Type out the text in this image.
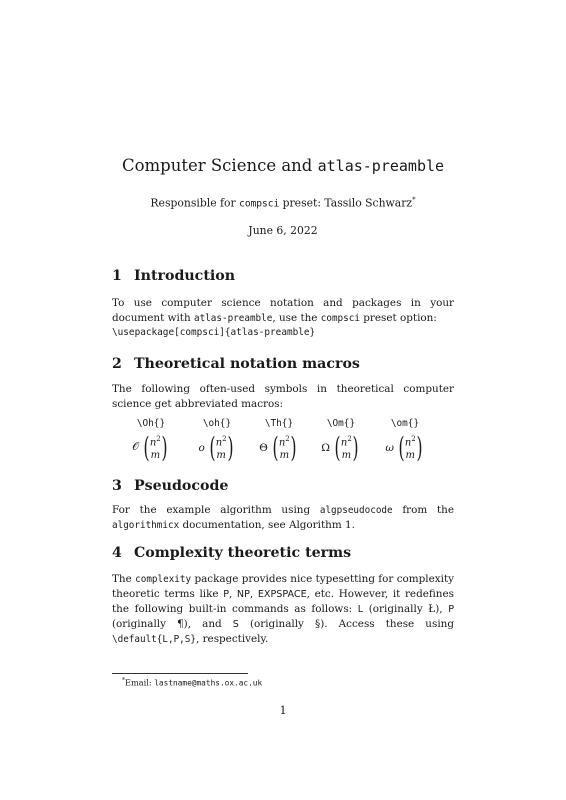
Computer Science and atlas-preamble
Responsible for compsci preset: Tassilo Schwarz*
June 6, 2022
1 Introduction
To use computer science notation and packages in your document with atlas-preamble, use the compsci preset option:
\usepackage[compsci]{atlas-preamble}
2 Theoretical notation macros
The following often-used symbols in theoretical computer science get abbreviated macros:
\Oh{}
𝒪 ( $n^2$
m )
\oh{}
o ( $n^2$
m )
\Th{}
Θ ( $n^2$
m )
\Om{}
Ω ( $n^2$
m )
\om{}
ω ( $n^2$
m )
3 Pseudocode
For the example algorithm using algpseudocode from the algorithmicx documentation, see Algorithm 1.
4 Complexity theoretic terms
The complexity package provides nice typesetting for complexity theoretic terms like P, NP, EXPSPACE, etc. However, it redefines the following built-in commands as follows: L (originally Ł), P (originally ¶), and S (originally §). Access these using \default{L,P,S}, respectively.
*Email: lastname@maths.ox.ac.uk
1
